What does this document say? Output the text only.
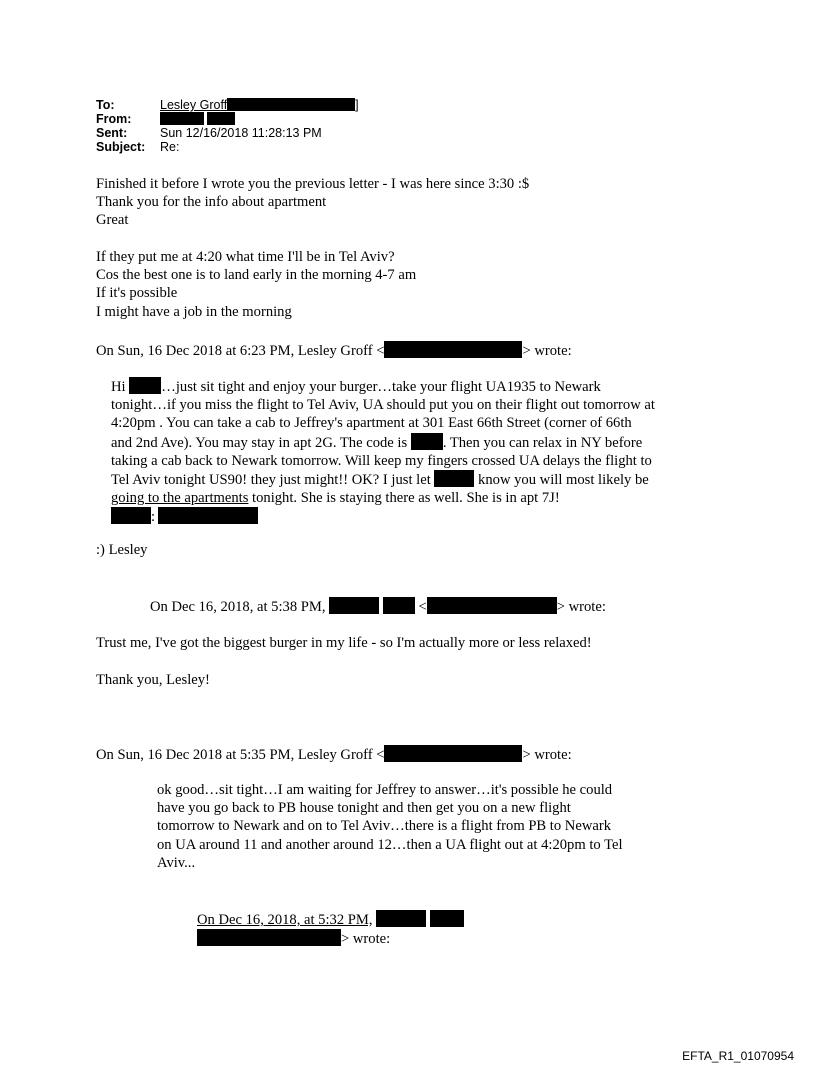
To:	Lesley Groff	]
From:

Sent:	Sun 12/16/2018 11:28:13 PM
Subject: Re:
Finished it before I wrote you the previous letter - I was here since 3:30 :$
Thank you for the info about apartment
Great
If they put me at 4:20 what time I'll be in Tel Aviv?
Cos the best one is to land early in the morning 4-7 am
If it's possible
I might have a job in the morning
On Sun, 16 Dec 2018 at 6:23 PM, Lesley Groff <	> wrote:
Hi …just sit tight and enjoy your burger…take your flight UA1935 to Newark
tonight…if you miss the flight to Tel Aviv, UA should put you on their flight out tomorrow at
4:20pm . You can take a cab to Jeffrey's apartment at 301 East 66th Street (corner of 66th
and 2nd Ave). You may stay in apt 2G. The code is . Then you can relax in NY before
taking a cab back to Newark tomorrow. Will keep my fingers crossed UA delays the flight to
Tel Aviv tonight US90! they just might!! OK? I just let	know you will most likely be
going to the apartments tonight. She is staying there as well. She is in apt 7J!
:
:) Lesley
On Dec 16, 2018, at 5:38 PM,	<	> wrote:
Trust me, I've got the biggest burger in my life - so I'm actually more or less relaxed!
Thank you, Lesley!
On Sun, 16 Dec 2018 at 5:35 PM, Lesley Groff <	> wrote:
ok good…sit tight…I am waiting for Jeffrey to answer…it's possible he could
have you go back to PB house tonight and then get you on a new flight
tomorrow to Newark and on to Tel Aviv…there is a flight from PB to Newark
on UA around 11 and another around 12…then a UA flight out at 4:20pm to Tel
Aviv...
On Dec 16, 2018, at 5:32 PM,
> wrote:
EFTA_R1_01070954
